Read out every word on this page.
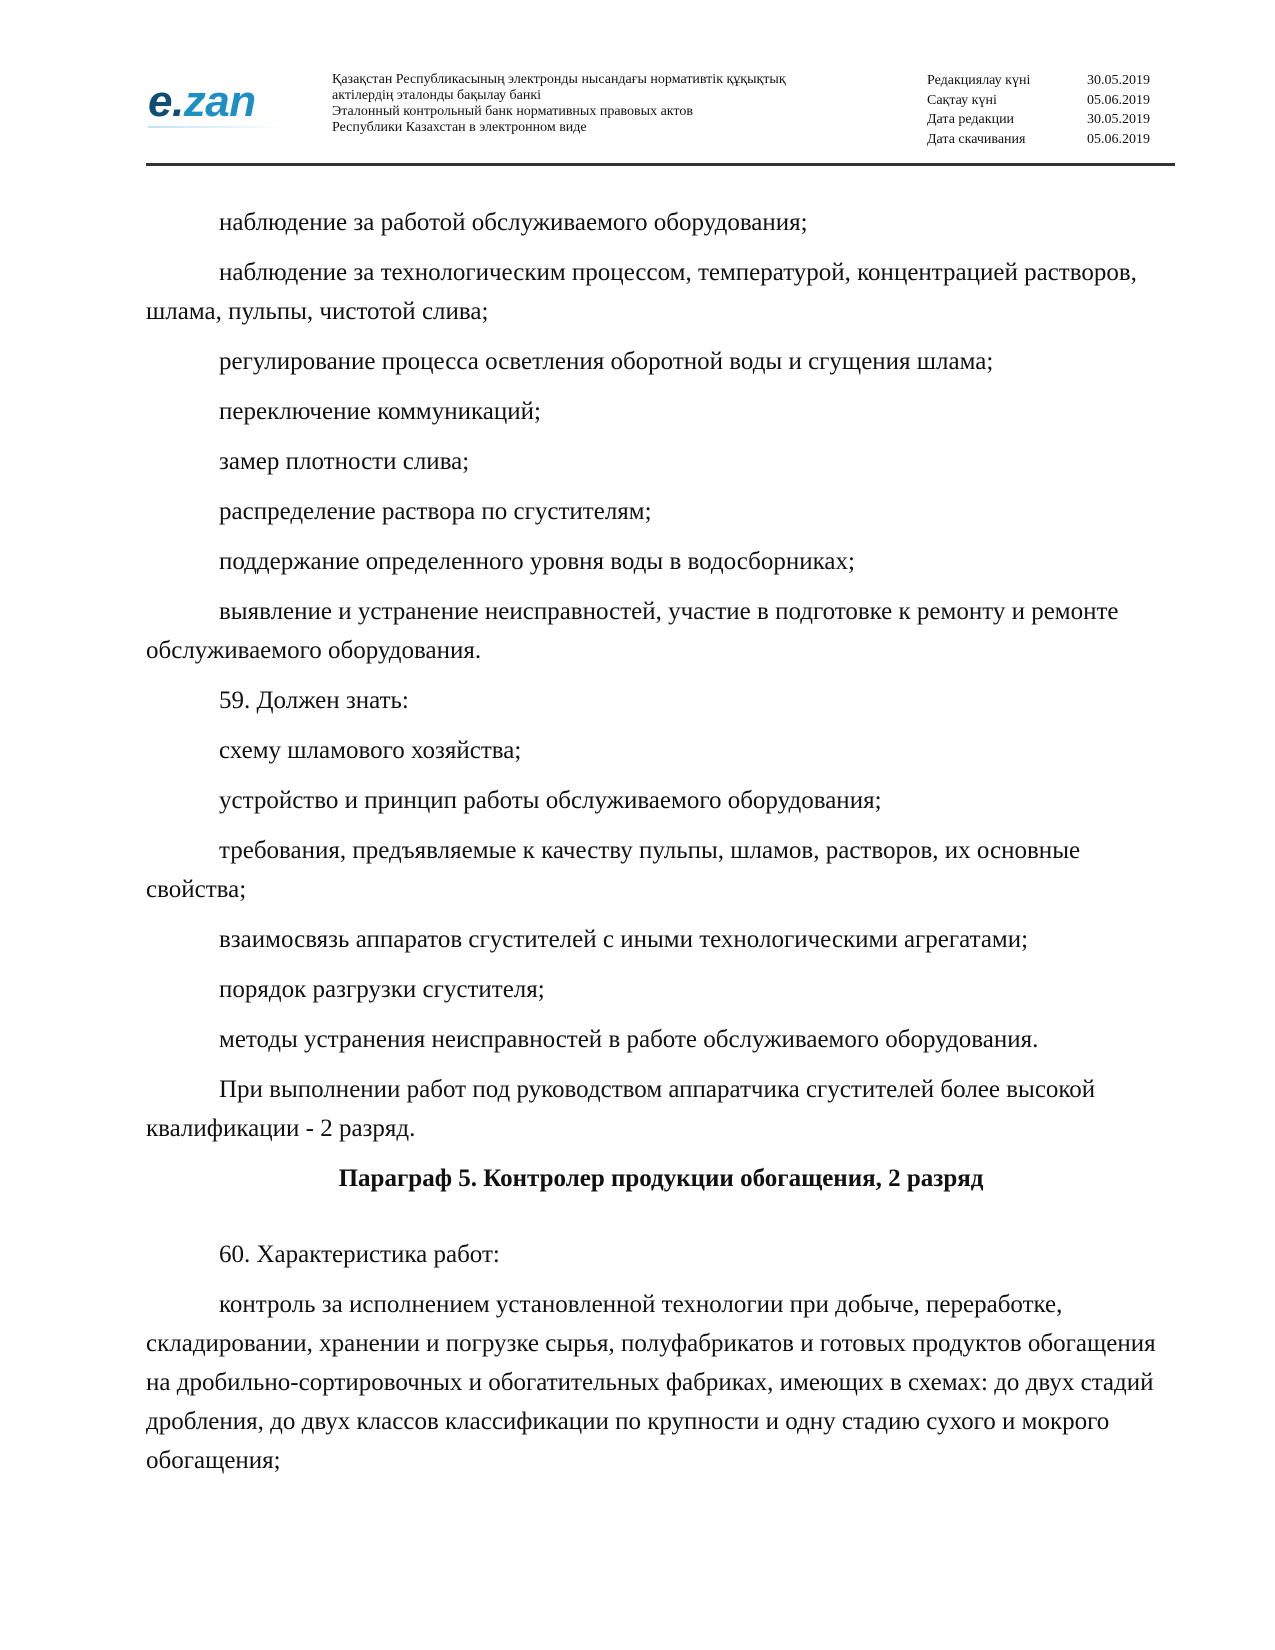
e.zan	Қазақстан Республикасының электронды нысандағы нормативтік құқықтық
актілердің эталонды бақылау банкі
Эталонный контрольный банк нормативных правовых актов
Республики Казахстан в электронном виде
Редакциялау күні	30.05.2019
Сақтау күні	05.06.2019
Дата редакции	30.05.2019
Дата скачивания	05.06.2019

наблюдение за работой обслуживаемого оборудования;

наблюдение за технологическим процессом, температурой, концентрацией растворов, шлама, пульпы, чистотой слива;

регулирование процесса осветления оборотной воды и сгущения шлама;

переключение коммуникаций;

замер плотности слива;

распределение раствора по сгустителям;

поддержание определенного уровня воды в водосборниках;

выявление и устранение неисправностей, участие в подготовке к ремонту и ремонте обслуживаемого оборудования.

59. Должен знать:

схему шламового хозяйства;

устройство и принцип работы обслуживаемого оборудования;

требования, предъявляемые к качеству пульпы, шламов, растворов, их основные свойства;

взаимосвязь аппаратов сгустителей с иными технологическими агрегатами;

порядок разгрузки сгустителя;

методы устранения неисправностей в работе обслуживаемого оборудования.

При выполнении работ под руководством аппаратчика сгустителей более высокой квалификации - 2 разряд.

Параграф 5. Контролер продукции обогащения, 2 разряд

60. Характеристика работ:

контроль за исполнением установленной технологии при добыче, переработке, складировании, хранении и погрузке сырья, полуфабрикатов и готовых продуктов обогащения на дробильно-сортировочных и обогатительных фабриках, имеющих в схемах: до двух стадий дробления, до двух классов классификации по крупности и одну стадию сухого и мокрого обогащения;
